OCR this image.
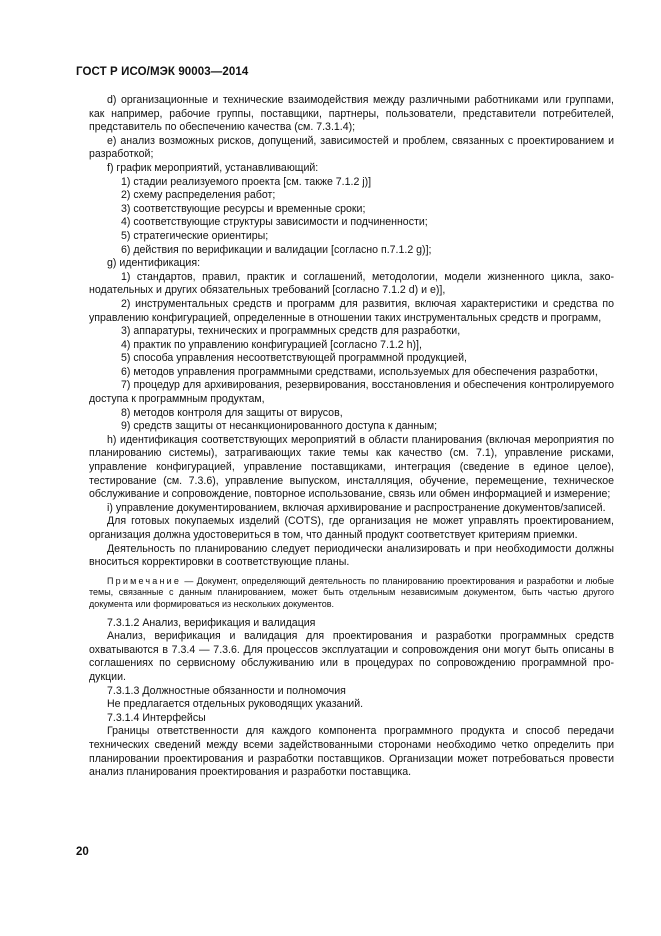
ГОСТ Р ИСО/МЭК 90003—2014

d) организационные и технические взаимодействия между различными работниками или группами, как например, рабочие группы, поставщики, партнеры, пользователи, представители потребителей, представитель по обеспечению качества (см. 7.3.1.4);

e) анализ возможных рисков, допущений, зависимостей и проблем, связанных с проектированием и разработкой;

f) график мероприятий, устанавливающий:

1) стадии реализуемого проекта [см. также 7.1.2 j)]

2) схему распределения работ;

3) соответствующие ресурсы и временные сроки;

4) соответствующие структуры зависимости и подчиненности;

5) стратегические ориентиры;

6) действия по верификации и валидации [согласно п.7.1.2 g)];

g) идентификация:

1) стандартов, правил, практик и соглашений, методологии, модели жизненного цикла, законодательных и других обязательных требований [согласно 7.1.2 d) и е)],

2) инструментальных средств и программ для развития, включая характеристики и средства по управлению конфигурацией, определенные в отношении таких инструментальных средств и программ,

3) аппаратуры, технических и программных средств для разработки,

4) практик по управлению конфигурацией [согласно 7.1.2 h)],

5) способа управления несоответствующей программной продукцией,

6) методов управления программными средствами, используемых для обеспечения разработки,

7) процедур для архивирования, резервирования, восстановления и обеспечения контролируемого доступа к программным продуктам,

8) методов контроля для защиты от вирусов,

9) средств защиты от несанкционированного доступа к данным;

h) идентификация соответствующих мероприятий в области планирования (включая мероприятия по планированию системы), затрагивающих такие темы как качество (см. 7.1), управление рисками, управление конфигурацией, управление поставщиками, интеграция (сведение в единое целое), тестирование (см. 7.3.6), управление выпуском, инсталляция, обучение, перемещение, техническое обслуживание и сопровождение, повторное использование, связь или обмен информацией и измерение;

i) управление документированием, включая архивирование и распространение документов/записей.

Для готовых покупаемых изделий (COTS), где организация не может управлять проектированием, организация должна удостовериться в том, что данный продукт соответствует критериям приемки.

Деятельность по планированию следует периодически анализировать и при необходимости должны вноситься корректировки в соответствующие планы.

Примечание — Документ, определяющий деятельность по планированию проектирования и разработки и любые темы, связанные с данным планированием, может быть отдельным независимым документом, быть частью другого документа или формироваться из нескольких документов.

7.3.1.2 Анализ, верификация и валидация

Анализ, верификация и валидация для проектирования и разработки программных средств охватываются в 7.3.4 — 7.3.6. Для процессов эксплуатации и сопровождения они могут быть описаны в соглашениях по сервисному обслуживанию или в процедурах по сопровождению программной продукции.

7.3.1.3 Должностные обязанности и полномочия

Не предлагается отдельных руководящих указаний.

7.3.1.4 Интерфейсы

Границы ответственности для каждого компонента программного продукта и способ передачи технических сведений между всеми задействованными сторонами необходимо четко определить при планировании проектирования и разработки поставщиков. Организации может потребоваться провести анализ планирования проектирования и разработки поставщика.

20
